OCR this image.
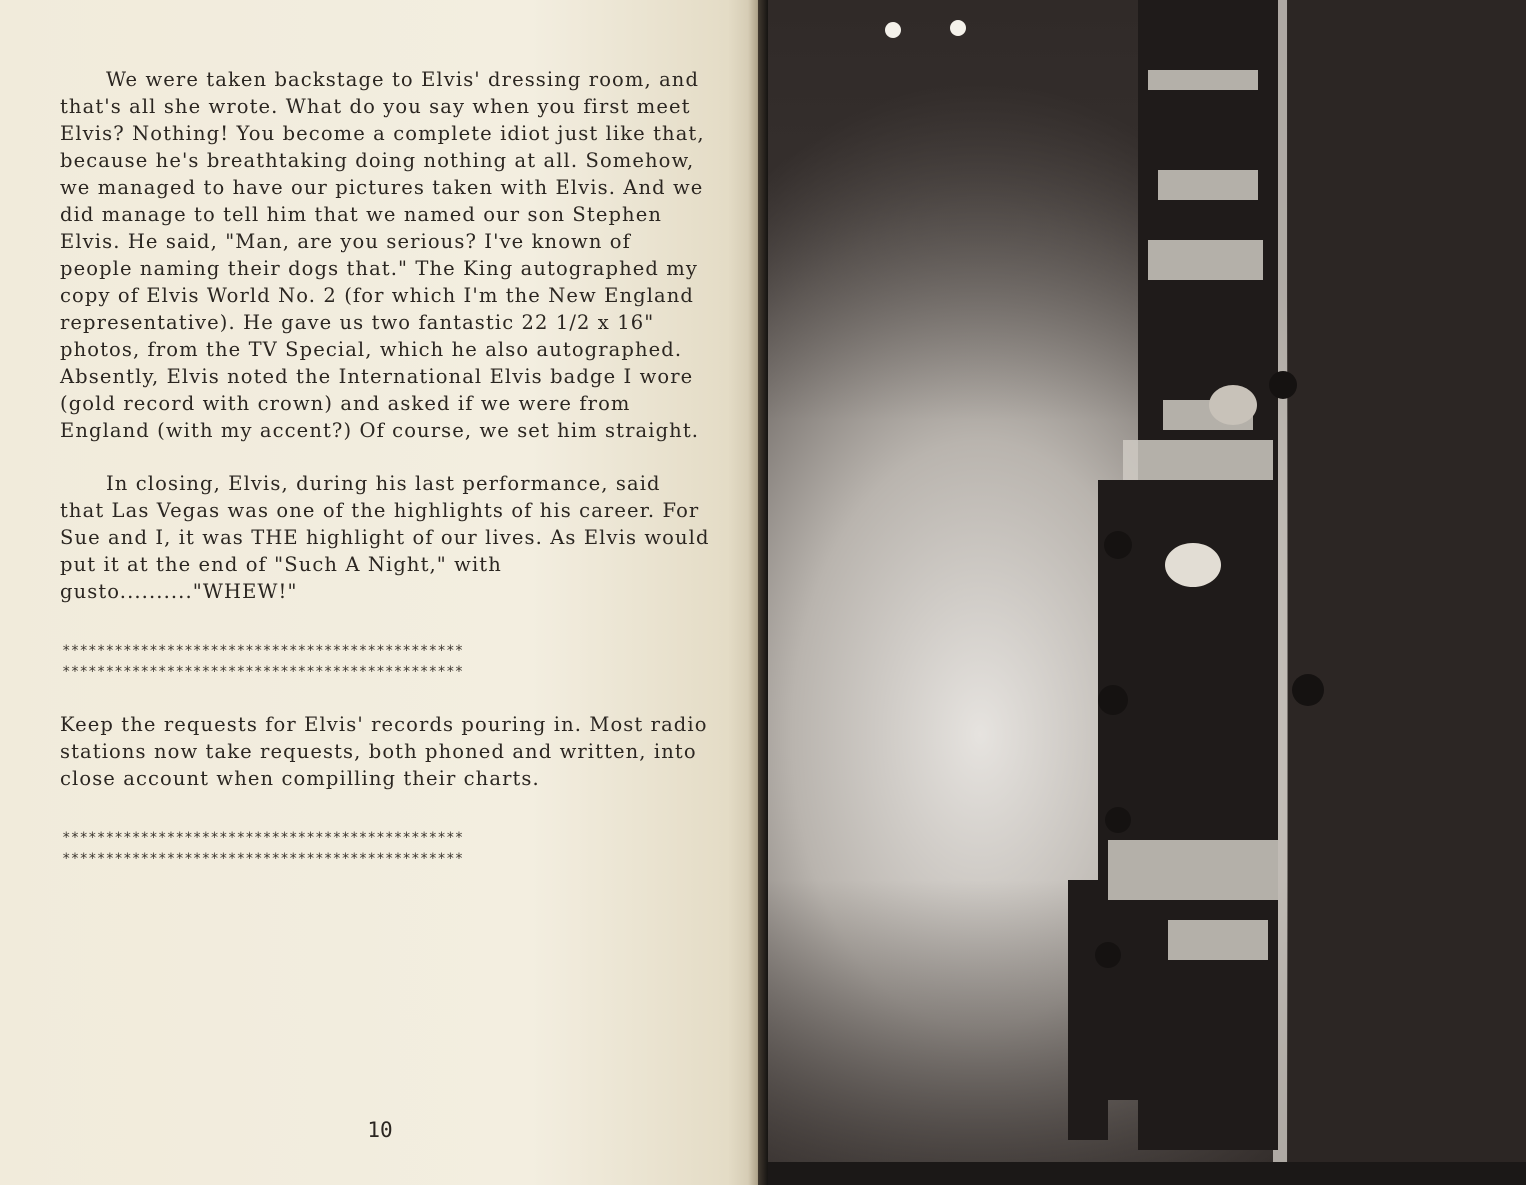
We were taken backstage to Elvis' dressing room, and that's all she wrote. What do you say when you first meet Elvis? Nothing! You become a complete idiot just like that, because he's breathtaking doing nothing at all. Somehow, we managed to have our pictures taken with Elvis. And we did manage to tell him that we named our son Stephen Elvis. He said, "Man, are you serious? I've known of people naming their dogs that." The King autographed my copy of Elvis World No. 2 (for which I'm the New England representative). He gave us two fantastic 22 1/2 x 16" photos, from the TV Special, which he also autographed. Absently, Elvis noted the International Elvis badge I wore (gold record with crown) and asked if we were from England (with my accent?) Of course, we set him straight.

In closing, Elvis, during his last performance, said that Las Vegas was one of the highlights of his career. For Sue and I, it was THE highlight of our lives. As Elvis would put it at the end of "Such A Night," with gusto.........."WHEW!"

**********************************************
**********************************************

Keep the requests for Elvis' records pouring in. Most radio stations now take requests, both phoned and written, into close account when compilling their charts.

**********************************************
**********************************************
10
